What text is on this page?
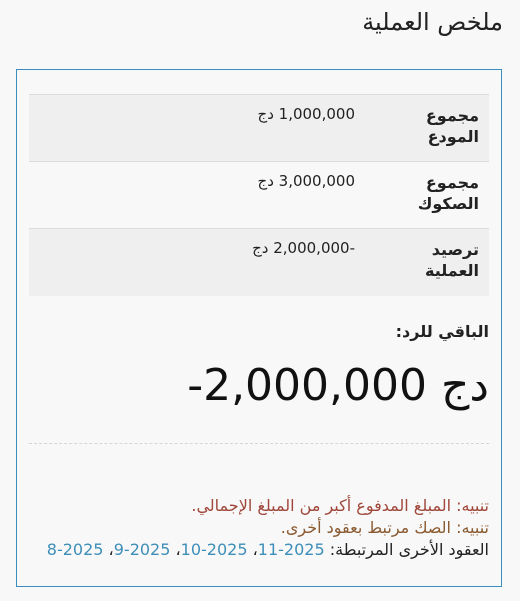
ملخص العملية
مجموع المودع	1,000,000 دج

مجموع الصكوك	3,000,000 دج

ترصيد العملية	-2,000,000 دج
الباقي للرد:
-2,000,000 دج
تنبيه: المبلغ المدفوع أكبر من المبلغ الإجمالي.
تنبيه: الصك مرتبط بعقود أخرى.
العقود الأخرى المرتبطة: 2025-11، 2025-10، 2025-9، 2025-8
